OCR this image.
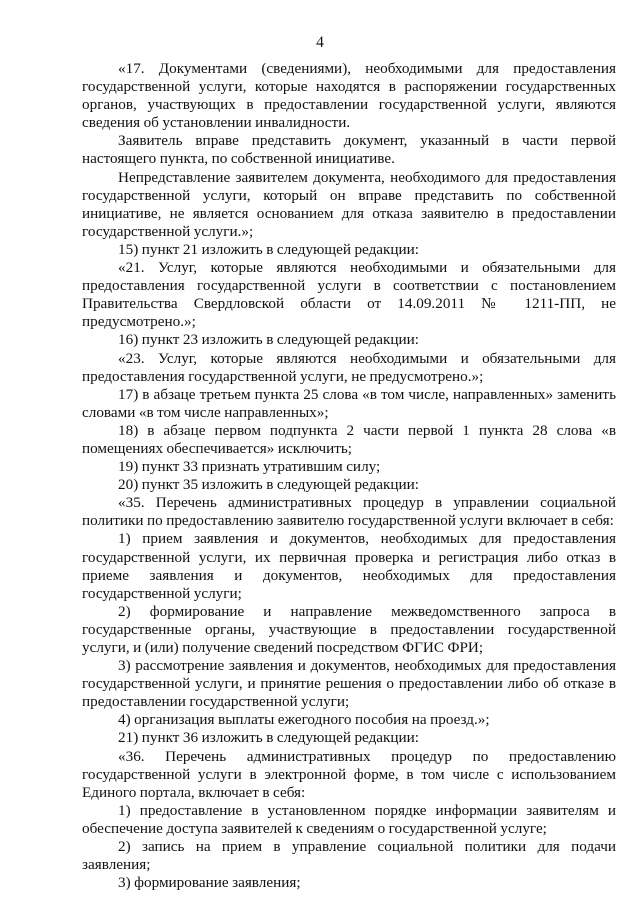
4

«17. Документами (сведениями), необходимыми для предоставления государственной услуги, которые находятся в распоряжении государственных органов, участвующих в предоставлении государственной услуги, являются сведения об установлении инвалидности.

Заявитель вправе представить документ, указанный в части первой настоящего пункта, по собственной инициативе.

Непредставление заявителем документа, необходимого для предоставления государственной услуги, который он вправе представить по собственной инициативе, не является основанием для отказа заявителю в предоставлении государственной услуги.»;

15) пункт 21 изложить в следующей редакции:

«21. Услуг, которые являются необходимыми и обязательными для предоставления государственной услуги в соответствии с постановлением Правительства Свердловской области от 14.09.2011 № 1211-ПП, не предусмотрено.»;

16) пункт 23 изложить в следующей редакции:

«23. Услуг, которые являются необходимыми и обязательными для предоставления государственной услуги, не предусмотрено.»;

17) в абзаце третьем пункта 25 слова «в том числе, направленных» заменить словами «в том числе направленных»;

18) в абзаце первом подпункта 2 части первой 1 пункта 28 слова «в помещениях обеспечивается» исключить;

19) пункт 33 признать утратившим силу;

20) пункт 35 изложить в следующей редакции:

«35. Перечень административных процедур в управлении социальной политики по предоставлению заявителю государственной услуги включает в себя:

1) прием заявления и документов, необходимых для предоставления государственной услуги, их первичная проверка и регистрация либо отказ в приеме заявления и документов, необходимых для предоставления государственной услуги;

2) формирование и направление межведомственного запроса в государственные органы, участвующие в предоставлении государственной услуги, и (или) получение сведений посредством ФГИС ФРИ;

3) рассмотрение заявления и документов, необходимых для предоставления государственной услуги, и принятие решения о предоставлении либо об отказе в предоставлении государственной услуги;

4) организация выплаты ежегодного пособия на проезд.»;

21) пункт 36 изложить в следующей редакции:

«36. Перечень административных процедур по предоставлению государственной услуги в электронной форме, в том числе с использованием Единого портала, включает в себя:

1) предоставление в установленном порядке информации заявителям и обеспечение доступа заявителей к сведениям о государственной услуге;

2) запись на прием в управление социальной политики для подачи заявления;

3) формирование заявления;
